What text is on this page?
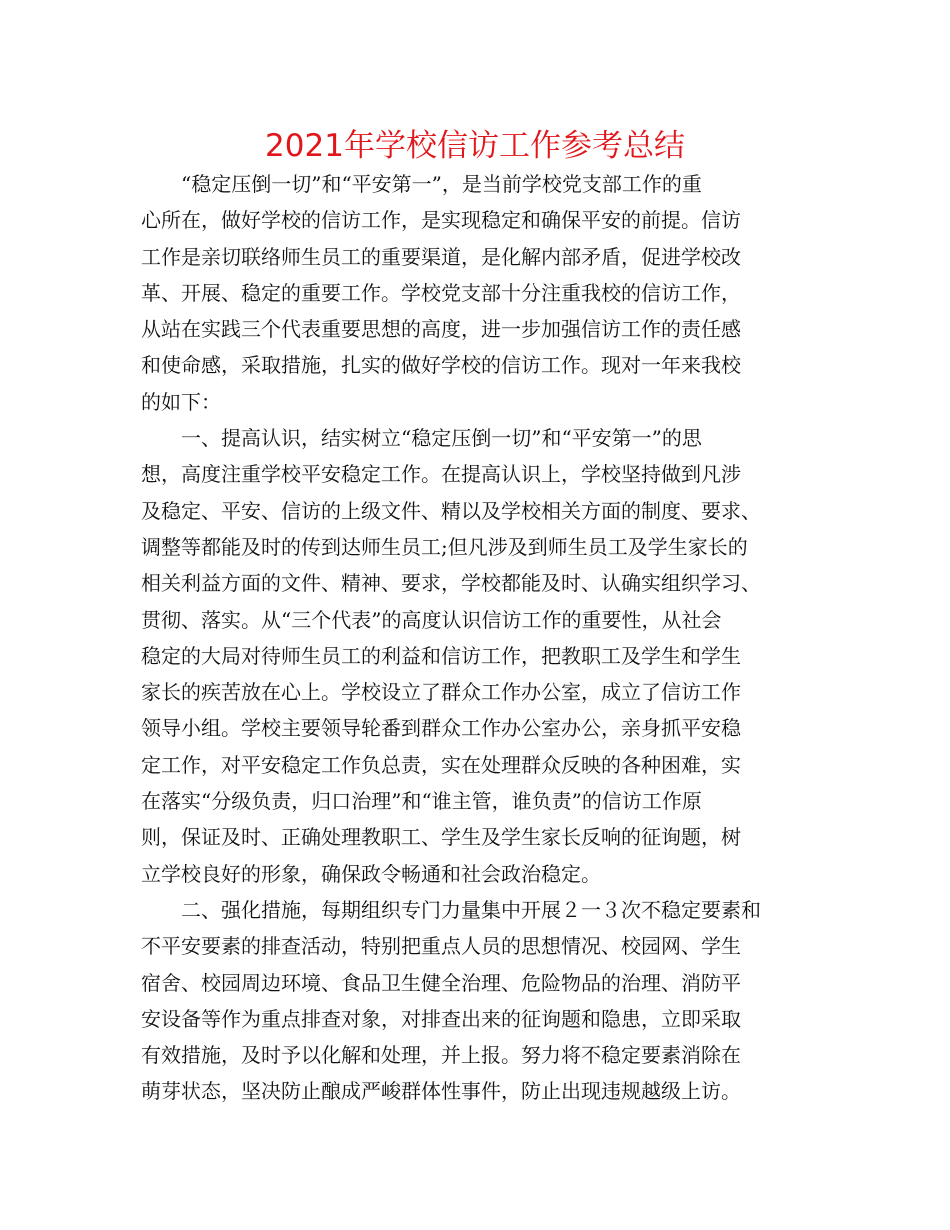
2021年学校信访工作参考总结
　　“稳定压倒一切”和“平安第一”，是当前学校党支部工作的重
心所在，做好学校的信访工作，是实现稳定和确保平安的前提。信访
工作是亲切联络师生员工的重要渠道，是化解内部矛盾，促进学校改
革、开展、稳定的重要工作。学校党支部十分注重我校的信访工作，
从站在实践三个代表重要思想的高度，进一步加强信访工作的责任感
和使命感，采取措施，扎实的做好学校的信访工作。现对一年来我校
的如下：
　　一、提高认识，结实树立“稳定压倒一切”和“平安第一”的思
想，高度注重学校平安稳定工作。在提高认识上，学校坚持做到凡涉
及稳定、平安、信访的上级文件、精以及学校相关方面的制度、要求、
调整等都能及时的传到达师生员工;但凡涉及到师生员工及学生家长的
相关利益方面的文件、精神、要求，学校都能及时、认确实组织学习、
贯彻、落实。从“三个代表”的高度认识信访工作的重要性，从社会
稳定的大局对待师生员工的利益和信访工作，把教职工及学生和学生
家长的疾苦放在心上。学校设立了群众工作办公室，成立了信访工作
领导小组。学校主要领导轮番到群众工作办公室办公，亲身抓平安稳
定工作，对平安稳定工作负总责，实在处理群众反映的各种困难，实
在落实“分级负责，归口治理”和“谁主管，谁负责”的信访工作原
则，保证及时、正确处理教职工、学生及学生家长反响的征询题，树
立学校良好的形象，确保政令畅通和社会政治稳定。
　　二、强化措施，每期组织专门力量集中开展２一３次不稳定要素和
不平安要素的排查活动，特别把重点人员的思想情况、校园网、学生
宿舍、校园周边环境、食品卫生健全治理、危险物品的治理、消防平
安设备等作为重点排查对象，对排查出来的征询题和隐患，立即采取
有效措施，及时予以化解和处理，并上报。努力将不稳定要素消除在
萌芽状态，坚决防止酿成严峻群体性事件，防止出现违规越级上访。
